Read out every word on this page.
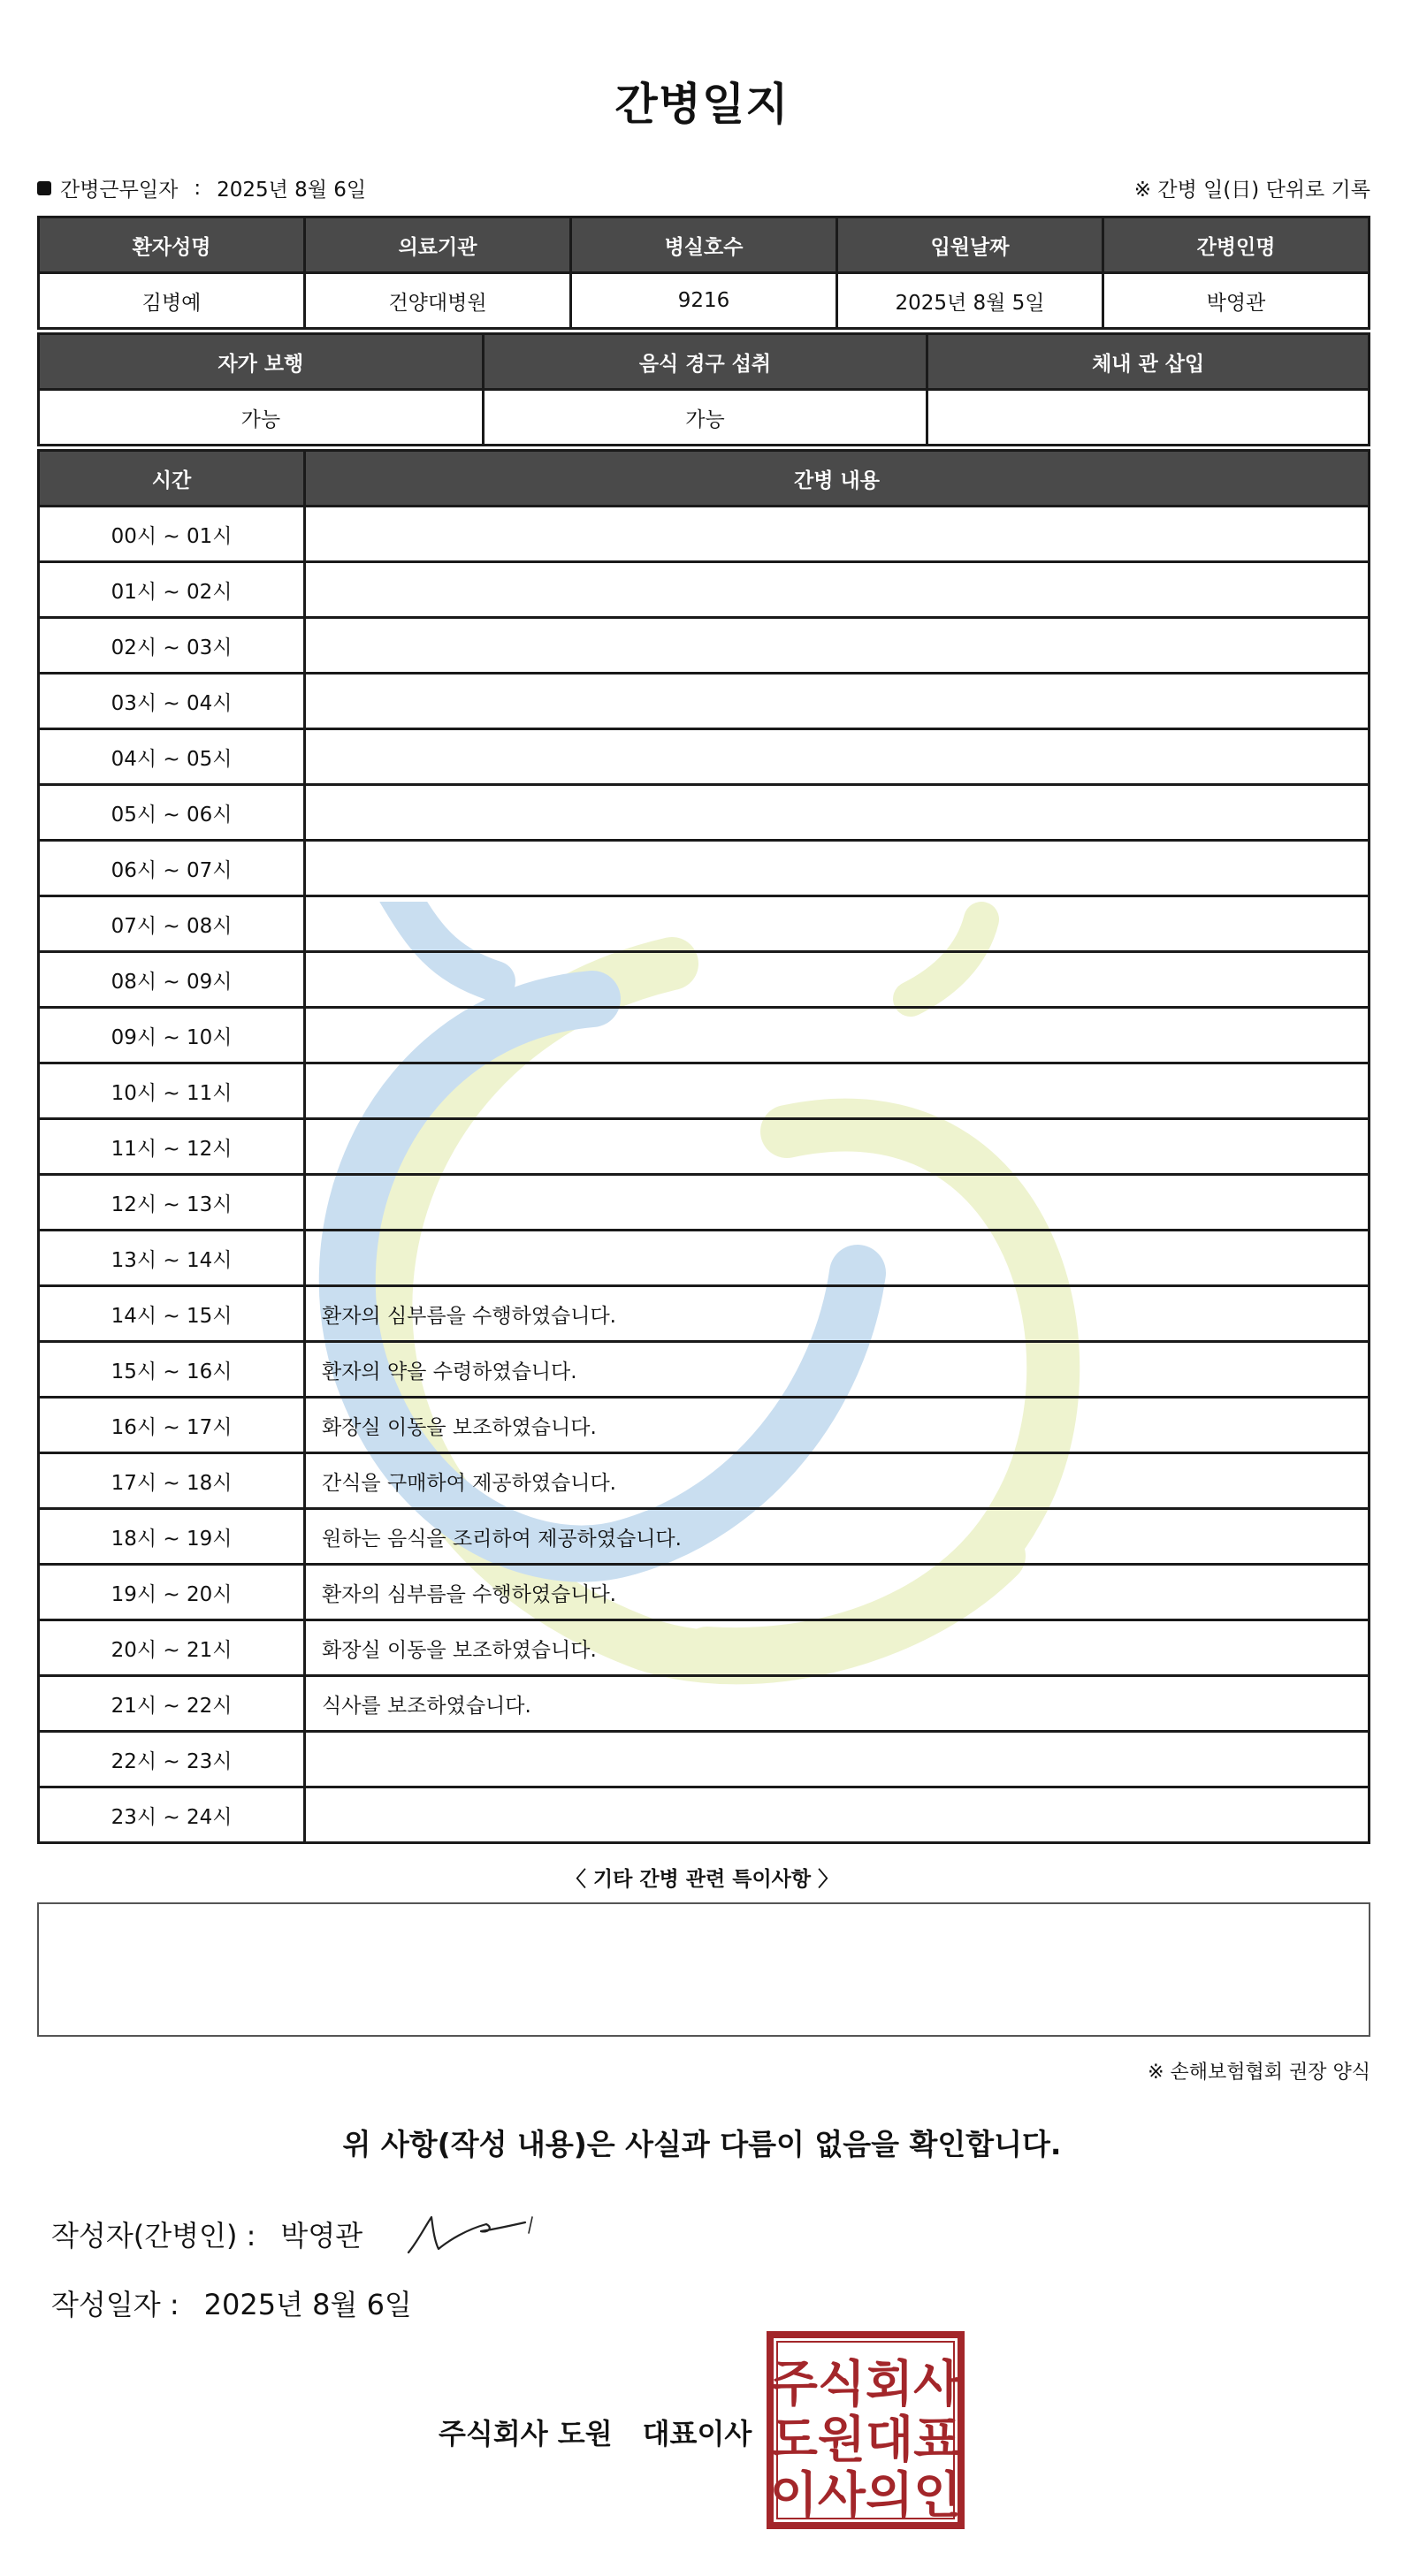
간병일지
간병근무일자 : 2025년 8월 6일	※ 간병 일(日) 단위로 기록
환자성명	의료기관	병실호수	입원날짜	간병인명
김병예	건양대병원	9216	2025년 8월 5일	박영관
자가 보행	음식 경구 섭취	체내 관 삽입
가능	가능	
시간	간병 내용
00시 ~ 01시	
01시 ~ 02시	
02시 ~ 03시	
03시 ~ 04시	
04시 ~ 05시	
05시 ~ 06시	
06시 ~ 07시	
07시 ~ 08시	
08시 ~ 09시	
09시 ~ 10시	
10시 ~ 11시	
11시 ~ 12시	
12시 ~ 13시	
13시 ~ 14시	
14시 ~ 15시	환자의 심부름을 수행하였습니다.
15시 ~ 16시	환자의 약을 수령하였습니다.
16시 ~ 17시	화장실 이동을 보조하였습니다.
17시 ~ 18시	간식을 구매하여 제공하였습니다.
18시 ~ 19시	원하는 음식을 조리하여 제공하였습니다.
19시 ~ 20시	환자의 심부름을 수행하였습니다.
20시 ~ 21시	화장실 이동을 보조하였습니다.
21시 ~ 22시	식사를 보조하였습니다.
22시 ~ 23시	
23시 ~ 24시	
〈 기타 간병 관련 특이사항 〉
※ 손해보험협회 권장 양식
위 사항(작성 내용)은 사실과 다름이 없음을 확인합니다.
작성자(간병인) : 박영관
작성일자 : 2025년 8월 6일
주식회사 도원 대표이사
주식회사
도원대표
이사의인
